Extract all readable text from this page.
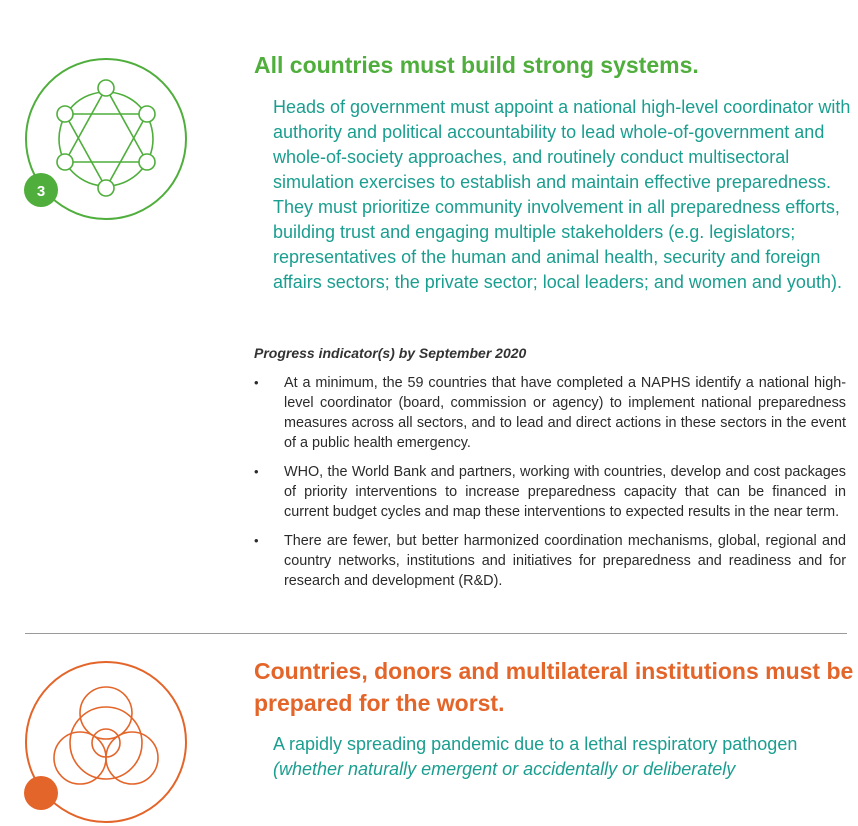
3
All countries must build strong systems.

Heads of government must appoint a national high-level coordinator with authority and political accountability to lead whole-of-government and whole-of-society approaches, and routinely conduct multisectoral simulation exercises to establish and maintain effective preparedness. They must prioritize community involvement in all preparedness efforts, building trust and engaging multiple stakeholders (e.g. legislators; representatives of the human and animal health, security and foreign affairs sectors; the private sector; local leaders; and women and youth).

Progress indicator(s) by September 2020
• At a minimum, the 59 countries that have completed a NAPHS identify a national high-level coordinator (board, commission or agency) to implement national preparedness measures across all sectors, and to lead and direct actions in these sectors in the event of a public health emergency.
• WHO, the World Bank and partners, working with countries, develop and cost packages of priority interventions to increase preparedness capacity that can be financed in current budget cycles and map these interventions to expected results in the near term.
• There are fewer, but better harmonized coordination mechanisms, global, regional and country networks, institutions and initiatives for preparedness and readiness and for research and development (R&D).
Countries, donors and multilateral institutions must be prepared for the worst.

A rapidly spreading pandemic due to a lethal respiratory pathogen (whether naturally emergent or accidentally or deliberately
